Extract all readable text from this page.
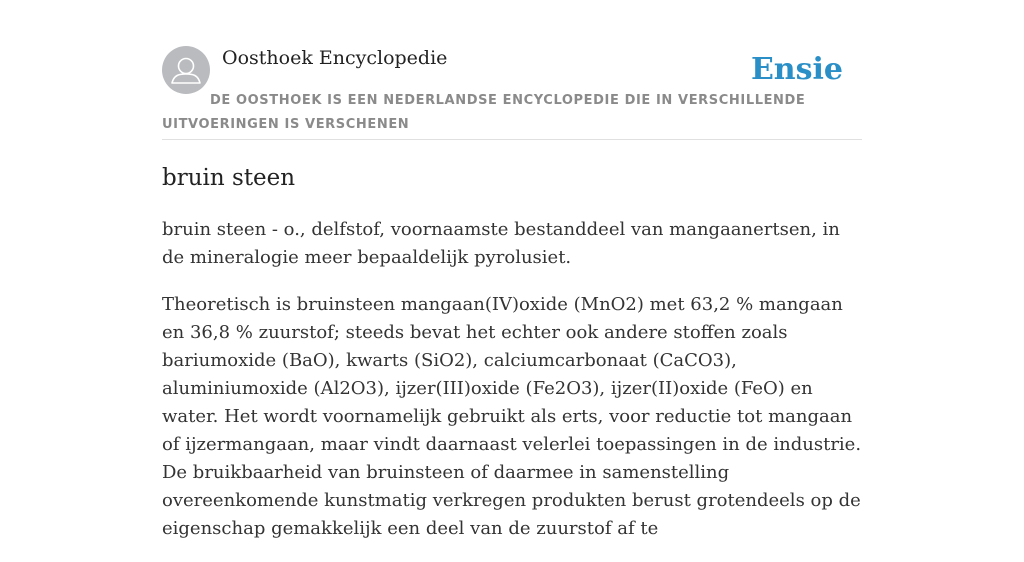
Oosthoek Encyclopedie	Ensie
DE OOSTHOEK IS EEN NEDERLANDSE ENCYCLOPEDIE DIE IN VERSCHILLENDE UITVOERINGEN IS VERSCHENEN
bruin steen

bruin steen - o., delfstof, voornaamste bestanddeel van mangaanertsen, in de mineralogie meer bepaaldelijk pyrolusiet.

Theoretisch is bruinsteen mangaan(IV)oxide (MnO2) met 63,2 % mangaan en 36,8 % zuurstof; steeds bevat het echter ook andere stoffen zoals bariumoxide (BaO), kwarts (SiO2), calciumcarbonaat (CaCO3), aluminiumoxide (Al2O3), ijzer(III)oxide (Fe2O3), ijzer(II)oxide (FeO) en water. Het wordt voornamelijk gebruikt als erts, voor reductie tot mangaan of ijzermangaan, maar vindt daarnaast velerlei toepassingen in de industrie. De bruikbaarheid van bruinsteen of daarmee in samenstelling overeenkomende kunstmatig verkregen produkten berust grotendeels op de eigenschap gemakkelijk een deel van de zuurstof af te
